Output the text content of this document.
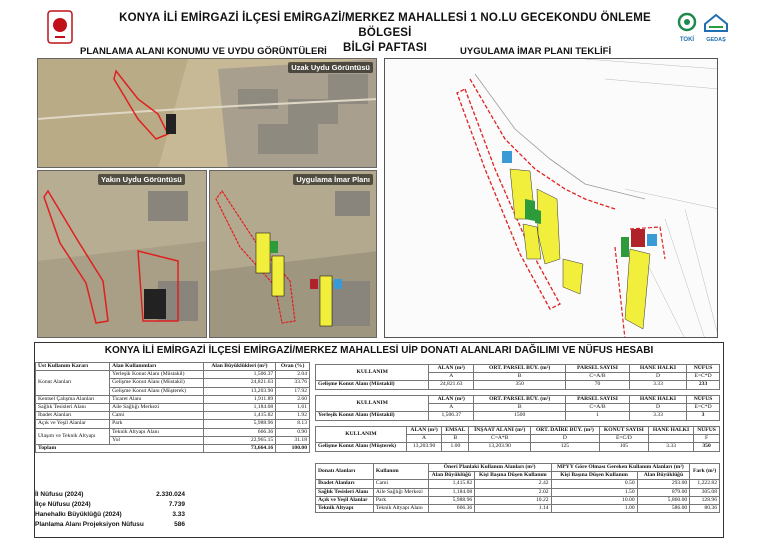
TOKİ	GEDAŞ
KONYA İLİ EMİRGAZİ İLÇESİ EMİRGAZİ/MERKEZ MAHALLESİ 1 NO.LU GECEKONDU ÖNLEME BÖLGESİ
BİLGİ PAFTASI
PLANLAMA ALANI KONUMU VE UYDU GÖRÜNTÜLERİ	UYGULAMA İMAR PLANI TEKLİFİ
Uzak Uydu Görüntüsü
Yakın Uydu Görüntüsü	Uygulama İmar Planı
KONYA İLİ EMİRGAZİ İLÇESİ EMİRGAZİ/MERKEZ MAHALLESİ UİP DONATI ALANLARI DAĞILIMI VE NÜFUS HESABI
Üst Kullanım Kararı	Alan Kullanımları	Alan Büyüklükleri (m²)	Oran (%)
Konut Alanları	Yerleşik Konut Alanı (Müstakil)	1,506.37	2.04
	Gelişme Konut Alanı (Müstakil)	24,821.63	33.76
	Gelişme Konut Alanı (Müşterek)	13,203.90	17.92
Kentsel Çalışma Alanları	Ticaret Alanı	1,911.89	2.60
Sağlık Tesisleri Alanı	Aile Sağlığı Merkezi	1,184.08	1.61
İbadet Alanları	Cami	1,415.82	1.92
Açık ve Yeşil Alanlar	Park	5,988.96	8.13
Ulaşım ve Teknik Altyapı	Teknik Altyapı Alanı	666.36	0.90
	Yol	22,965.15	31.18
Toplam		73,664.16	100.00
İl Nüfusu (2024)	2.330.024
İlçe Nüfusu (2024)	7.739
Hanehalkı Büyüklüğü (2024)	3.33
Planlama Alanı Projeksiyon Nüfusu	586
KULLANIM	ALAN (m²)	ORT. PARSEL BÜY. (m²)	PARSEL SAYISI	HANE HALKI	NÜFUS
	A	B	C=A/B	D	E=C*D
Gelişme Konut Alanı (Müstakil)	24,821.63	350	70	3.33	233
KULLANIM	ALAN (m²)	ORT. PARSEL BÜY. (m²)	PARSEL SAYISI	HANE HALKI	NÜFUS
	A	B	C=A/B	D	E=C*D
Yerleşik Konut Alanı (Müstakil)	1,506.37	1500	1	3.33	3
KULLANIM	ALAN (m²)	EMSAL	İNŞAAT ALANI (m²)	ORT. DAİRE BÜY. (m²)	KONUT SAYISI	HANE HALKI	NÜFUS
	A	B	C=A*B	D	E=C/D		F
Gelişme Konut Alanı (Müşterek)	13,203.90	1.00	13,203.90	125	105	3.33	350
Donatı Alanları	Kullanım	Öneri Planlaki Kullanım Alanları (m²)		MPYY Göre Olması Gereken Kullanım Alanları (m²)		Fark (m²)
		Alan Büyüklüğü	Kişi Başına Düşen Kullanım	Kişi Başına Düşen Kullanım	Alan Büyüklüğü	
İbadet Alanları	Cami	1,415.82	2.42	0.50	293.00	1,222.82
Sağlık Tesisleri Alanı	Aile Sağlığı Merkezi	1,184.08	2.02	1.50	879.00	305.08
Açık ve Yeşil Alanlar	Park	5,988.96	10.22	10.00	5,860.00	128.96
Teknik Altyapı	Teknik Altyapı Alanı	666.36	1.14	1.00	586.00	80.36
